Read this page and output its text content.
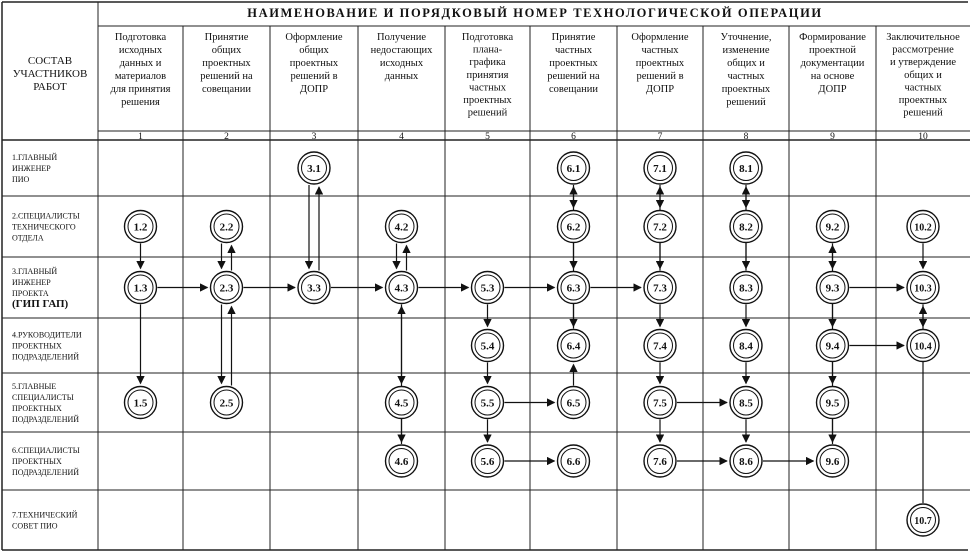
НАИМЕНОВАНИЕ И ПОРЯДКОВЫЙ НОМЕР ТЕХНОЛОГИЧЕСКОЙ ОПЕРАЦИИ
СОСТАВ
УЧАСТНИКОВ
РАБОТ
Подготовка
исходных
данных и
материалов
для принятия
решения
1
Принятие
общих
проектных
решений на
совещании
2
Оформление
общих
проектных
решений в
ДОПР
3
Получение
недостающих
исходных
данных
4
Подготовка
плана-
графика
принятия
частных
проектных
решений
5
Принятие
частных
проектных
решений на
совещании
6
Оформление
частных
проектных
решений в
ДОПР
7
Уточнение,
изменение
общих и
частных
проектных
решений
8
Формирование
проектной
документации
на основе
ДОПР
9
Заключительное
рассмотрение
и утверждение
общих и
частных
проектных
решений
10
1.ГЛАВНЫЙ
ИНЖЕНЕР
ПИО
2.СПЕЦИАЛИСТЫ
ТЕХНИЧЕСКОГО
ОТДЕЛА
3.ГЛАВНЫЙ
ИНЖЕНЕР
ПРОЕКТА
(ГИП ГАП)
4.РУКОВОДИТЕЛИ
ПРОЕКТНЫХ
ПОДРАЗДЕЛЕНИЙ
5.ГЛАВНЫЕ
СПЕЦИАЛИСТЫ
ПРОЕКТНЫХ
ПОДРАЗДЕЛЕНИЙ
6.СПЕЦИАЛИСТЫ
ПРОЕКТНЫХ
ПОДРАЗДЕЛЕНИЙ
7.ТЕХНИЧЕСКИЙ
СОВЕТ ПИО
1.2
1.3
1.5
2.2
2.3
2.5
3.1
3.3
4.2
4.3
4.5
4.6
5.3
5.4
5.5
5.6
6.1
6.2
6.3
6.4
6.5
6.6
7.1
7.2
7.3
7.4
7.5
7.6
8.1
8.2
8.3
8.4
8.5
8.6
9.2
9.3
9.4
9.5
9.6
10.2
10.3
10.4
10.7
